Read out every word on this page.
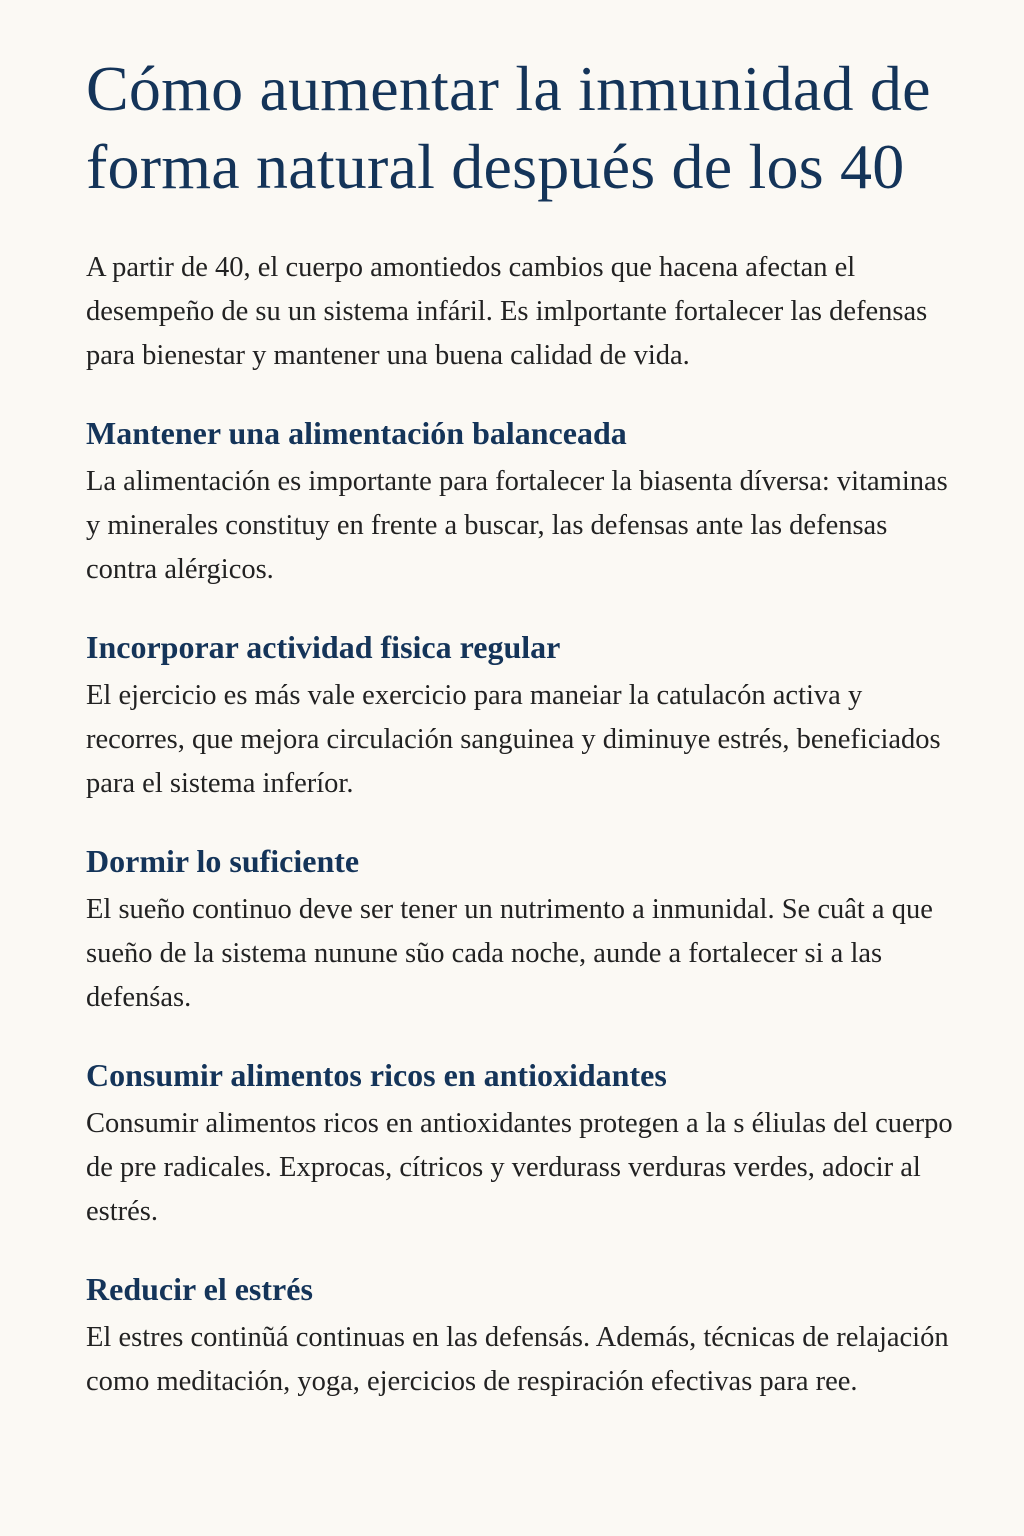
Cómo aumentar la inmunidad de forma natural después de los 40

A partir de 40, el cuerpo amontiedos cambios que hacena afectan el desempeño de su un sistema infáril. Es imlportante fortalecer las defensas para bienestar y mantener una buena calidad de vida.

Mantener una alimentación balanceada

La alimentación es importante para fortalecer la biasenta díversa: vitaminas y minerales constituy en frente a buscar, las defensas ante las defensas contra alérgicos.

Incorporar actividad fisica regular

El ejercicio es más vale exercicio para maneiar la catulacón activa y recorres, que mejora circulación sanguinea y diminuye estrés, beneficiados para el sistema inferíor.

Dormir lo suficiente

El sueño continuo deve ser tener un nutrimento a inmunidal. Se cuât a que sueño de la sistema nunune sũo cada noche, aunde a fortalecer si a las defenśas.

Consumir alimentos ricos en antioxidantes

Consumir alimentos ricos en antioxidantes protegen a la s éliulas del cuerpo de pre radicales. Exprocas, cítricos y verdurass verduras verdes, adocir al estrés.

Reducir el estrés

El estres continũá continuas en las defensás. Además, técnicas de relajación como meditación, yoga, ejercicios de respiración efectivas para ree.
